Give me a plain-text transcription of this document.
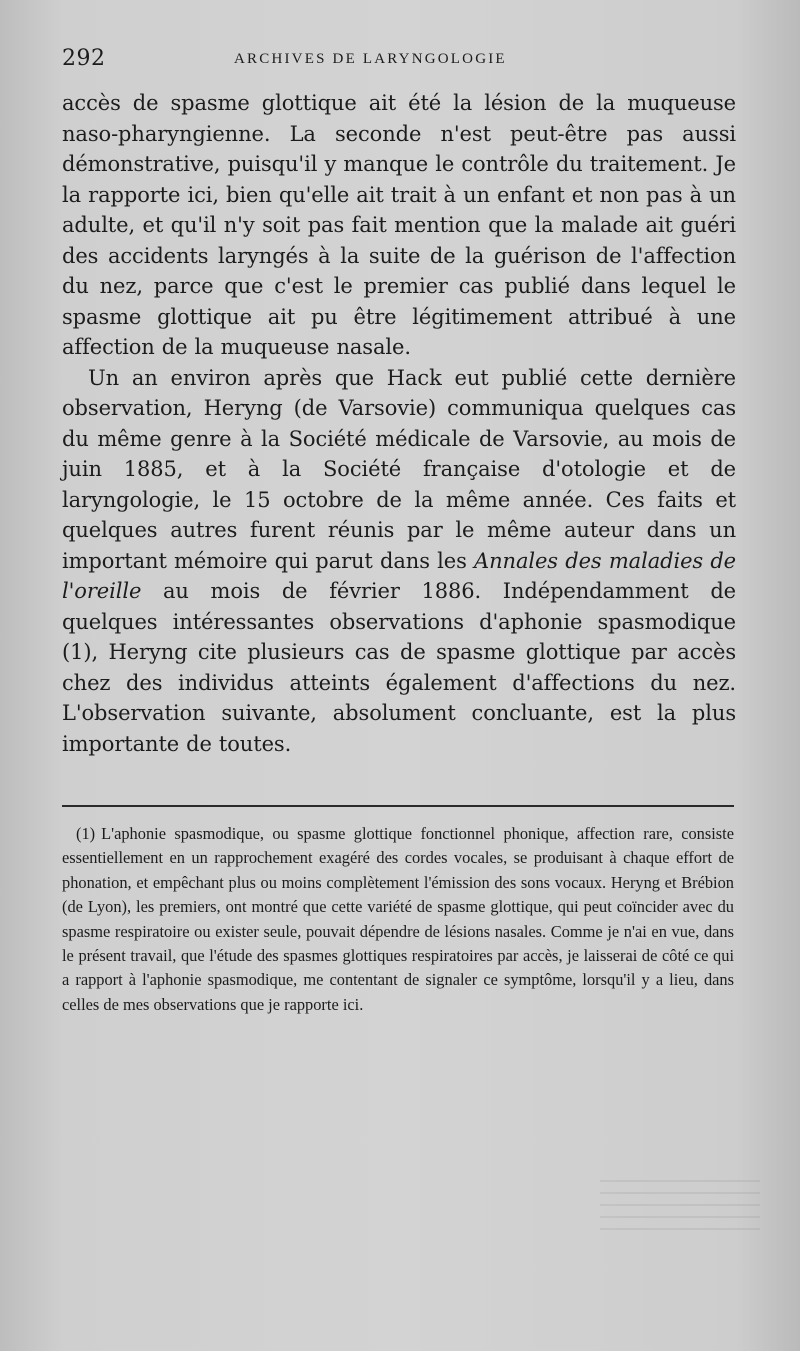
292	ARCHIVES DE LARYNGOLOGIE

accès de spasme glottique ait été la lésion de la muqueuse naso-pharyngienne. La seconde n'est peut-être pas aussi démonstrative, puisqu'il y manque le contrôle du traitement. Je la rapporte ici, bien qu'elle ait trait à un enfant et non pas à un adulte, et qu'il n'y soit pas fait mention que la malade ait guéri des accidents laryngés à la suite de la guérison de l'affection du nez, parce que c'est le premier cas publié dans lequel le spasme glottique ait pu être légitimement attribué à une affection de la muqueuse nasale.

Un an environ après que Hack eut publié cette dernière observation, Heryng (de Varsovie) communiqua quelques cas du même genre à la Société médicale de Varsovie, au mois de juin 1885, et à la Société française d'otologie et de laryngologie, le 15 octobre de la même année. Ces faits et quelques autres furent réunis par le même auteur dans un important mémoire qui parut dans les Annales des maladies de l'oreille au mois de février 1886. Indépendamment de quelques intéressantes observations d'aphonie spasmodique (1), Heryng cite plusieurs cas de spasme glottique par accès chez des individus atteints également d'affections du nez. L'observation suivante, absolument concluante, est la plus importante de toutes.

(1) L'aphonie spasmodique, ou spasme glottique fonctionnel phonique, affection rare, consiste essentiellement en un rapprochement exagéré des cordes vocales, se produisant à chaque effort de phonation, et empêchant plus ou moins complètement l'émission des sons vocaux. Heryng et Brébion (de Lyon), les premiers, ont montré que cette variété de spasme glottique, qui peut coïncider avec du spasme respiratoire ou exister seule, pouvait dépendre de lésions nasales. Comme je n'ai en vue, dans le présent travail, que l'étude des spasmes glottiques respiratoires par accès, je laisserai de côté ce qui a rapport à l'aphonie spasmodique, me contentant de signaler ce symptôme, lorsqu'il y a lieu, dans celles de mes observations que je rapporte ici.
